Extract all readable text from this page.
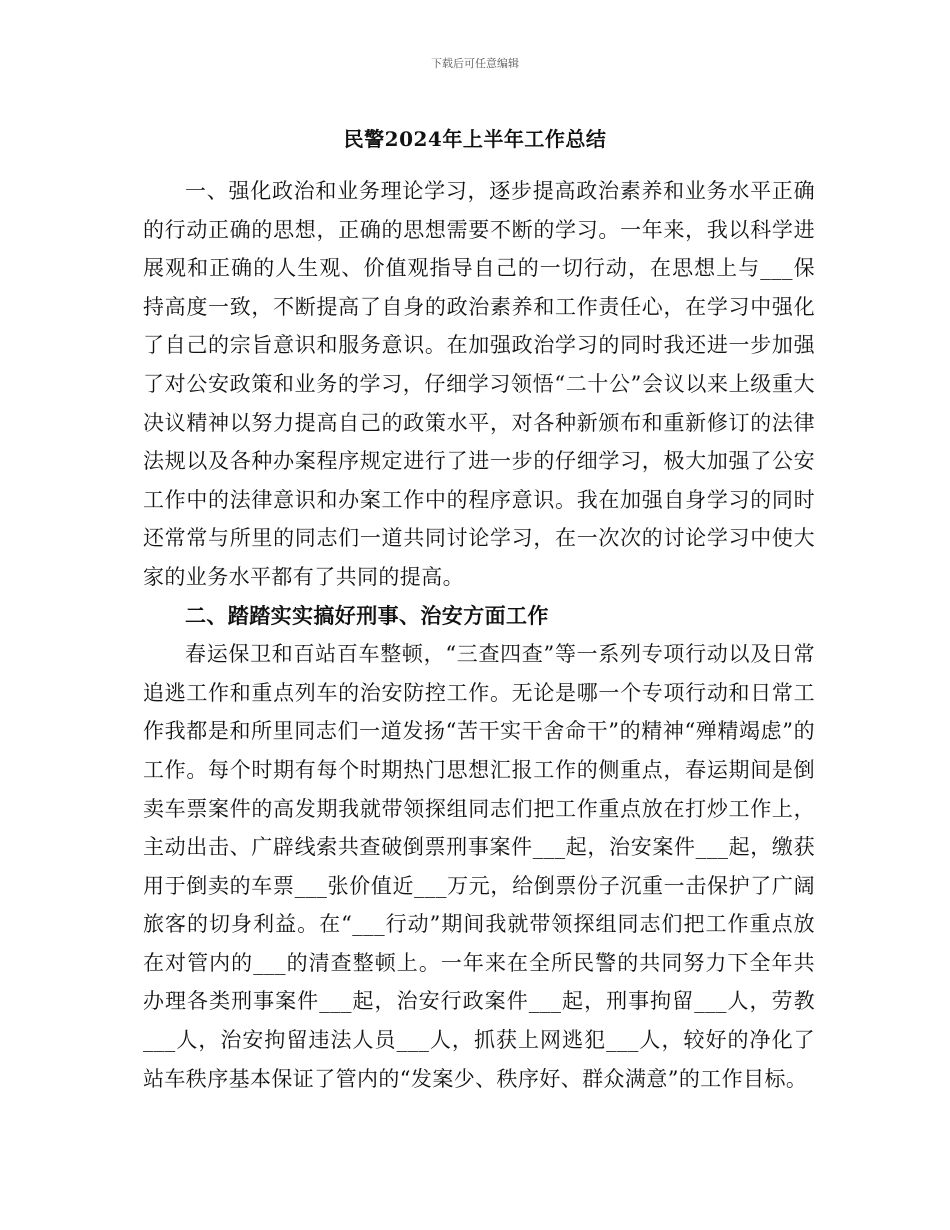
下载后可任意编辑
民警2024年上半年工作总结

一、强化政治和业务理论学习，逐步提高政治素养和业务水平正确的行动正确的思想，正确的思想需要不断的学习。一年来，我以科学进展观和正确的人生观、价值观指导自己的一切行动，在思想上与___保持高度一致，不断提高了自身的政治素养和工作责任心，在学习中强化了自己的宗旨意识和服务意识。在加强政治学习的同时我还进一步加强了对公安政策和业务的学习，仔细学习领悟“二十公”会议以来上级重大决议精神以努力提高自己的政策水平，对各种新颁布和重新修订的法律法规以及各种办案程序规定进行了进一步的仔细学习，极大加强了公安工作中的法律意识和办案工作中的程序意识。我在加强自身学习的同时还常常与所里的同志们一道共同讨论学习，在一次次的讨论学习中使大家的业务水平都有了共同的提高。

二、踏踏实实搞好刑事、治安方面工作

春运保卫和百站百车整顿，“三查四查”等一系列专项行动以及日常追逃工作和重点列车的治安防控工作。无论是哪一个专项行动和日常工作我都是和所里同志们一道发扬“苦干实干舍命干”的精神“殚精竭虑”的工作。每个时期有每个时期热门思想汇报工作的侧重点，春运期间是倒卖车票案件的高发期我就带领探组同志们把工作重点放在打炒工作上，主动出击、广辟线索共查破倒票刑事案件___起，治安案件___起，缴获用于倒卖的车票___张价值近___万元，给倒票份子沉重一击保护了广阔旅客的切身利益。在“___行动”期间我就带领探组同志们把工作重点放在对管内的___的清查整顿上。一年来在全所民警的共同努力下全年共办理各类刑事案件___起，治安行政案件___起，刑事拘留___人，劳教___人，治安拘留违法人员___人，抓获上网逃犯___人，较好的净化了站车秩序基本保证了管内的“发案少、秩序好、群众满意”的工作目标。
